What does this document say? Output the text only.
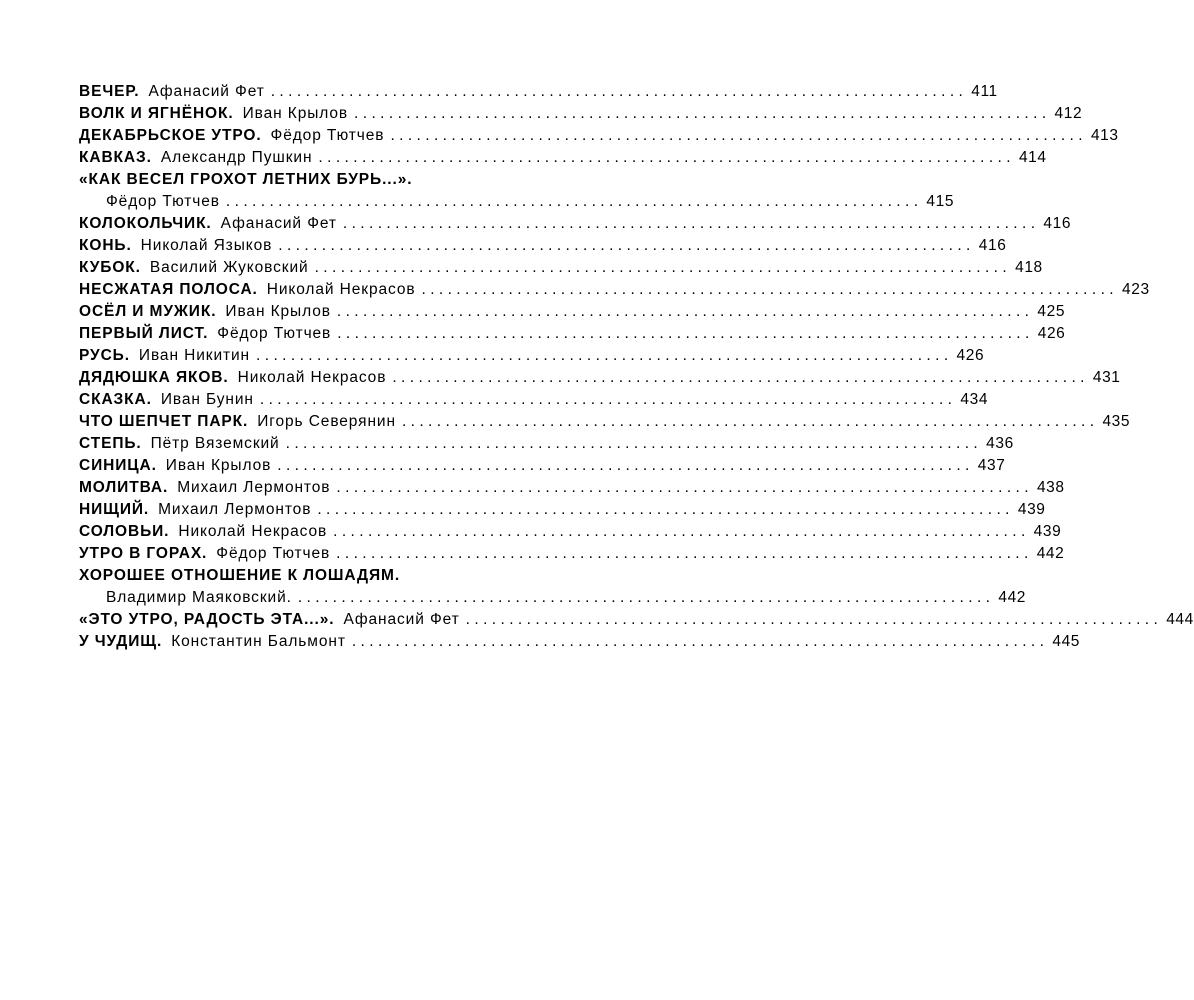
ВЕЧЕР. Афанасий Фет ................................................................................ 411
ВОЛК И ЯГНЁНОК. Иван Крылов ................................................................................ 412
ДЕКАБРЬСКОЕ УТРО. Фёдор Тютчев ................................................................................ 413
КАВКАЗ. Александр Пушкин ................................................................................ 414
«КАК ВЕСЕЛ ГРОХОТ ЛЕТНИХ БУРЬ...».
Фёдор Тютчев ................................................................................ 415
КОЛОКОЛЬЧИК. Афанасий Фет ................................................................................ 416
КОНЬ. Николай Языков ................................................................................ 416
КУБОК. Василий Жуковский ................................................................................ 418
НЕСЖАТАЯ ПОЛОСА. Николай Некрасов ................................................................................ 423
ОСЁЛ И МУЖИК. Иван Крылов ................................................................................ 425
ПЕРВЫЙ ЛИСТ. Фёдор Тютчев ................................................................................ 426
РУСЬ. Иван Никитин ................................................................................ 426
ДЯДЮШКА ЯКОВ. Николай Некрасов ................................................................................ 431
СКАЗКА. Иван Бунин ................................................................................ 434
ЧТО ШЕПЧЕТ ПАРК. Игорь Северянин ................................................................................ 435
СТЕПЬ. Пётр Вяземский ................................................................................ 436
СИНИЦА. Иван Крылов ................................................................................ 437
МОЛИТВА. Михаил Лермонтов ................................................................................ 438
НИЩИЙ. Михаил Лермонтов ................................................................................ 439
СОЛОВЬИ. Николай Некрасов ................................................................................ 439
УТРО В ГОРАХ. Фёдор Тютчев ................................................................................ 442
ХОРОШЕЕ ОТНОШЕНИЕ К ЛОШАДЯМ.
Владимир Маяковский. ................................................................................ 442
«ЭТО УТРО, РАДОСТЬ ЭТА...». Афанасий Фет ................................................................................ 444
У ЧУДИЩ. Константин Бальмонт ................................................................................ 445
